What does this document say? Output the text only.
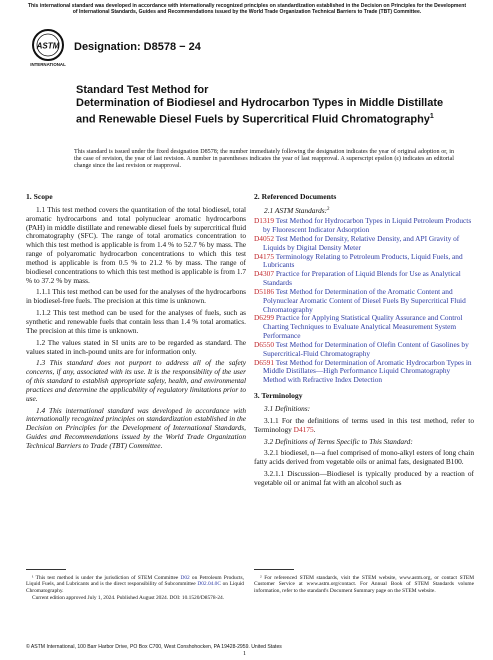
This international standard was developed in accordance with internationally recognized principles on standardization established in the Decision on Principles for the Development of International Standards, Guides and Recommendations issued by the World Trade Organization Technical Barriers to Trade (TBT) Committee.
ASTM
INTERNATIONAL
Designation: D8578 − 24
Standard Test Method for
Determination of Biodiesel and Hydrocarbon Types in Middle Distillate and Renewable Diesel Fuels by Supercritical Fluid Chromatography$^1$
This standard is issued under the fixed designation D8578; the number immediately following the designation indicates the year of original adoption or, in the case of revision, the year of last revision. A number in parentheses indicates the year of last reapproval. A superscript epsilon (ε) indicates an editorial change since the last revision or reapproval.
1. Scope

1.1 This test method covers the quantitation of the total biodiesel, total aromatic hydrocarbons and total polynuclear aromatic hydrocarbons (PAH) in middle distillate and renewable diesel fuels by supercritical fluid chromatography (SFC). The range of total aromatics concentration to which this test method is applicable is from 1.4 % to 52.7 % by mass. The range of polyaromatic hydrocarbon concentrations to which this test method is applicable is from 0.5 % to 21.2 % by mass. The range of biodiesel concentrations to which this test method is applicable is from 1.7 % to 37.2 % by mass.

1.1.1 This test method can be used for the analyses of the hydrocarbons in biodiesel-free fuels. The precision at this time is unknown.

1.1.2 This test method can be used for the analyses of fuels, such as synthetic and renewable fuels that contain less than 1.4 % total aromatics. The precision at this time is unknown.

1.2 The values stated in SI units are to be regarded as standard. The values stated in inch-pound units are for information only.

1.3 This standard does not purport to address all of the safety concerns, if any, associated with its use. It is the responsibility of the user of this standard to establish appropriate safety, health, and environmental practices and determine the applicability of regulatory limitations prior to use.

1.4 This international standard was developed in accordance with internationally recognized principles on standardization established in the Decision on Principles for the Development of International Standards, Guides and Recommendations issued by the World Trade Organization Technical Barriers to Trade (TBT) Committee.

2. Referenced Documents
2.1 ASTM Standards:$^2$
D1319 Test Method for Hydrocarbon Types in Liquid Petroleum Products by Fluorescent Indicator Adsorption
D4052 Test Method for Density, Relative Density, and API Gravity of Liquids by Digital Density Meter
D4175 Terminology Relating to Petroleum Products, Liquid Fuels, and Lubricants
D4307 Practice for Preparation of Liquid Blends for Use as Analytical Standards
D5186 Test Method for Determination of the Aromatic Content and Polynuclear Aromatic Content of Diesel Fuels By Supercritical Fluid Chromatography
D6299 Practice for Applying Statistical Quality Assurance and Control Charting Techniques to Evaluate Analytical Measurement System Performance
D6550 Test Method for Determination of Olefin Content of Gasolines by Supercritical-Fluid Chromatography
D6591 Test Method for Determination of Aromatic Hydrocarbon Types in Middle Distillates—High Performance Liquid Chromatography Method with Refractive Index Detection
3. Terminology

3.1 Definitions:

3.1.1 For the definitions of terms used in this test method, refer to Terminology D4175.

3.2 Definitions of Terms Specific to This Standard:

3.2.1 biodiesel, n—a fuel comprised of mono-alkyl esters of long chain fatty acids derived from vegetable oils or animal fats, designated B100.

3.2.1.1 Discussion—Biodiesel is typically produced by a reaction of vegetable oil or animal fat with an alcohol such as

¹ This test method is under the jurisdiction of STEM Committee D02 on Petroleum Products, Liquid Fuels, and Lubricants and is the direct responsibility of Subcommittee D02.04.0C on Liquid Chromatography.
Current edition approved July 1, 2024. Published August 2024. DOI: 10.1520/D8578-24.
² For referenced STEM standards, visit the STEM website, www.astm.org, or contact STEM Customer Service at www.astm.org/contact. For Annual Book of STEM Standards volume information, refer to the standard's Document Summary page on the STEM website.
© ASTM International, 100 Barr Harbor Drive, PO Box C700, West Conshohocken, PA 19428-2959. United States
1
